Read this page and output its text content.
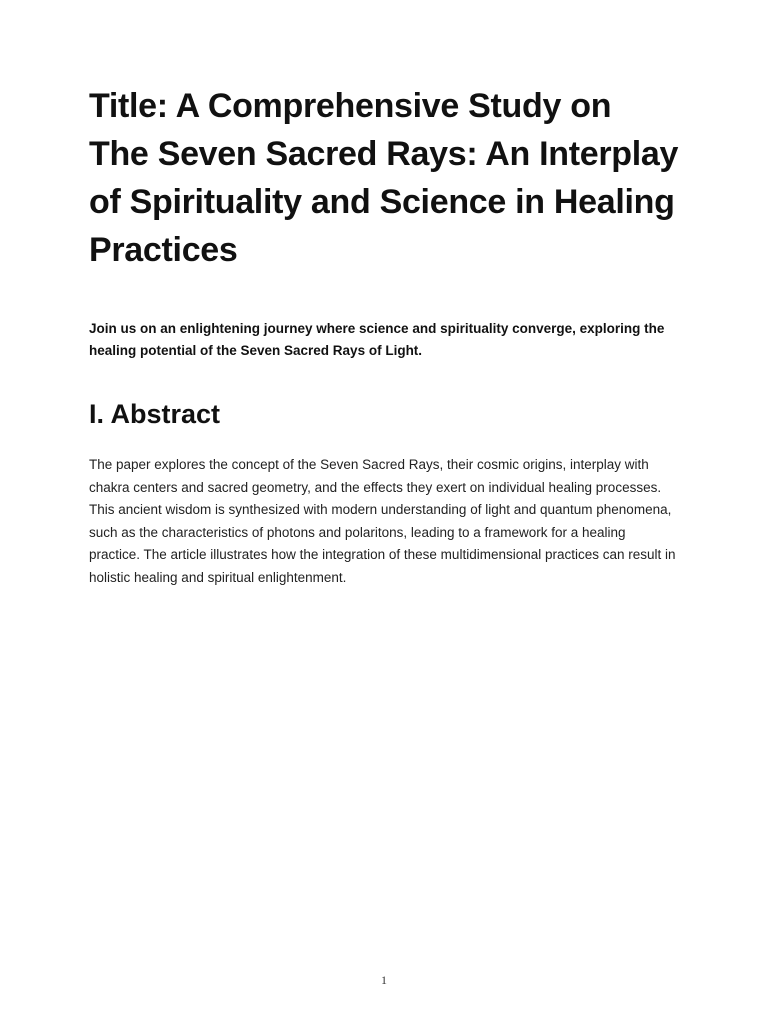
Title: A Comprehensive Study on The Seven Sacred Rays: An Interplay of Spirituality and Science in Healing Practices

Join us on an enlightening journey where science and spirituality converge, exploring the healing potential of the Seven Sacred Rays of Light.

I. Abstract

The paper explores the concept of the Seven Sacred Rays, their cosmic origins, interplay with chakra centers and sacred geometry, and the effects they exert on individual healing processes. This ancient wisdom is synthesized with modern understanding of light and quantum phenomena, such as the characteristics of photons and polaritons, leading to a framework for a healing practice. The article illustrates how the integration of these multidimensional practices can result in holistic healing and spiritual enlightenment.

1
